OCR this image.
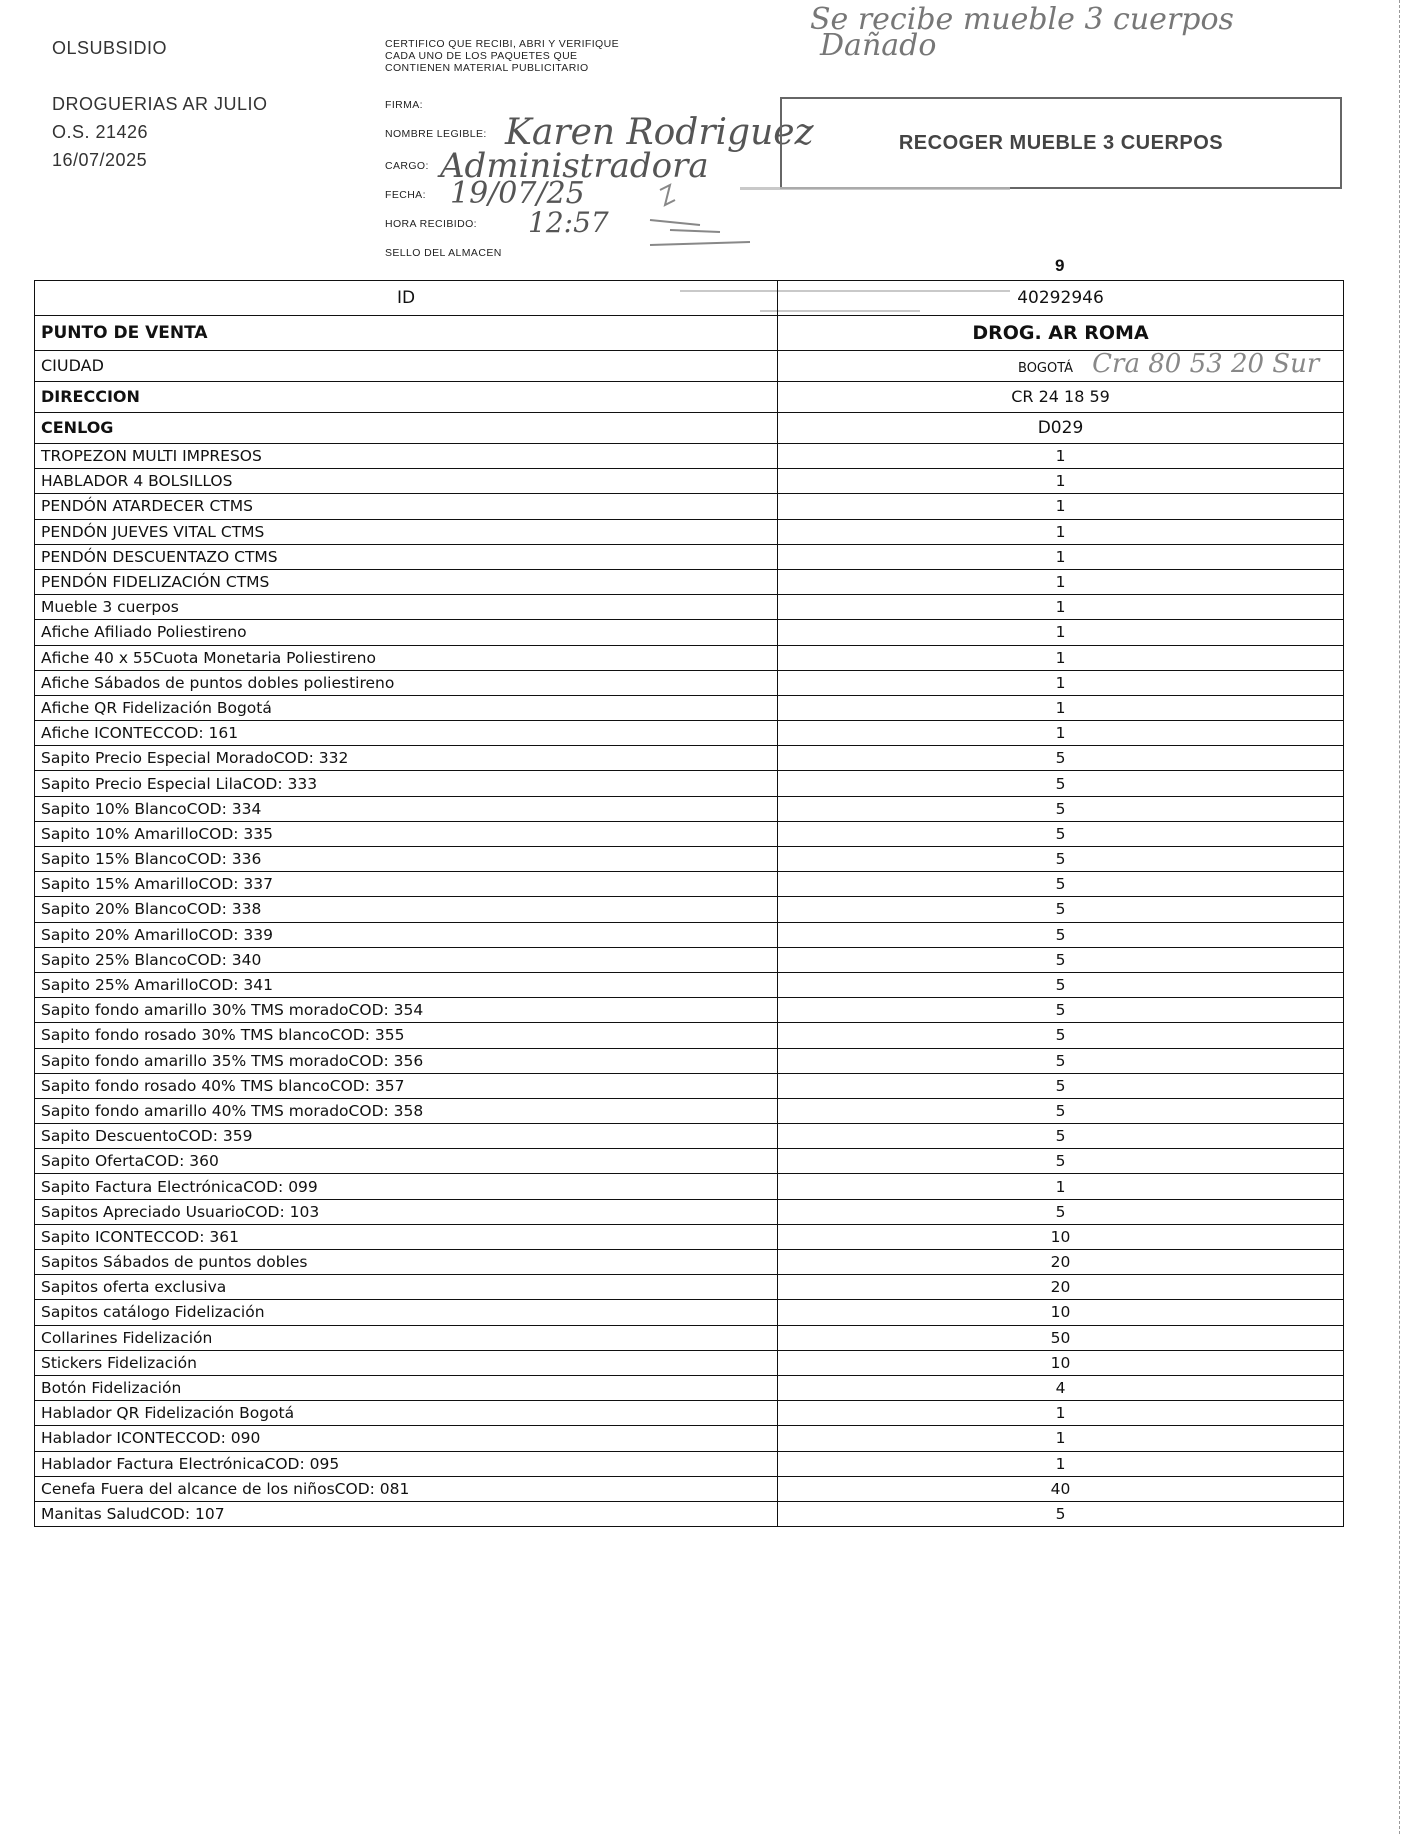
OLSUBSIDIO
DROGUERIAS AR JULIO
O.S. 21426
16/07/2025
CERTIFICO QUE RECIBI, ABRI Y VERIFIQUE
CADA UNO DE LOS PAQUETES QUE
CONTIENEN MATERIAL PUBLICITARIO
FIRMA:
NOMBRE LEGIBLE: Karen Rodriguez
CARGO: Administradora
FECHA: 19/07/25
HORA RECIBIDO: 12:57
SELLO DEL ALMACEN
Se recibe mueble 3 cuerpos
Dañado
RECOGER MUEBLE 3 CUERPOS
9
ID	40292946
PUNTO DE VENTA	DROG. AR ROMA
CIUDAD	BOGOTÁ Cra 80 53 20 Sur
DIRECCION	CR 24 18 59
CENLOG	D029
TROPEZON MULTI IMPRESOS	1
HABLADOR 4 BOLSILLOS	1
PENDÓN ATARDECER CTMS	1
PENDÓN JUEVES VITAL CTMS	1
PENDÓN DESCUENTAZO CTMS	1
PENDÓN FIDELIZACIÓN CTMS	1
Mueble 3 cuerpos	1
Afiche Afiliado Poliestireno	1
Afiche 40 x 55Cuota Monetaria Poliestireno	1
Afiche Sábados de puntos dobles poliestireno	1
Afiche QR Fidelización Bogotá	1
Afiche ICONTECCOD: 161	1
Sapito Precio Especial MoradoCOD: 332	5
Sapito Precio Especial LilaCOD: 333	5
Sapito 10% BlancoCOD: 334	5
Sapito 10% AmarilloCOD: 335	5
Sapito 15% BlancoCOD: 336	5
Sapito 15% AmarilloCOD: 337	5
Sapito 20% BlancoCOD: 338	5
Sapito 20% AmarilloCOD: 339	5
Sapito 25% BlancoCOD: 340	5
Sapito 25% AmarilloCOD: 341	5
Sapito fondo amarillo 30% TMS moradoCOD: 354	5
Sapito fondo rosado 30% TMS blancoCOD: 355	5
Sapito fondo amarillo 35% TMS moradoCOD: 356	5
Sapito fondo rosado 40% TMS blancoCOD: 357	5
Sapito fondo amarillo 40% TMS moradoCOD: 358	5
Sapito DescuentoCOD: 359	5
Sapito OfertaCOD: 360	5
Sapito Factura ElectrónicaCOD: 099	1
Sapitos Apreciado UsuarioCOD: 103	5
Sapito ICONTECCOD: 361	10
Sapitos Sábados de puntos dobles	20
Sapitos oferta exclusiva	20
Sapitos catálogo Fidelización	10
Collarines Fidelización	50
Stickers Fidelización	10
Botón Fidelización	4
Hablador QR Fidelización Bogotá	1
Hablador ICONTECCOD: 090	1
Hablador Factura ElectrónicaCOD: 095	1
Cenefa Fuera del alcance de los niñosCOD: 081	40
Manitas SaludCOD: 107	5
